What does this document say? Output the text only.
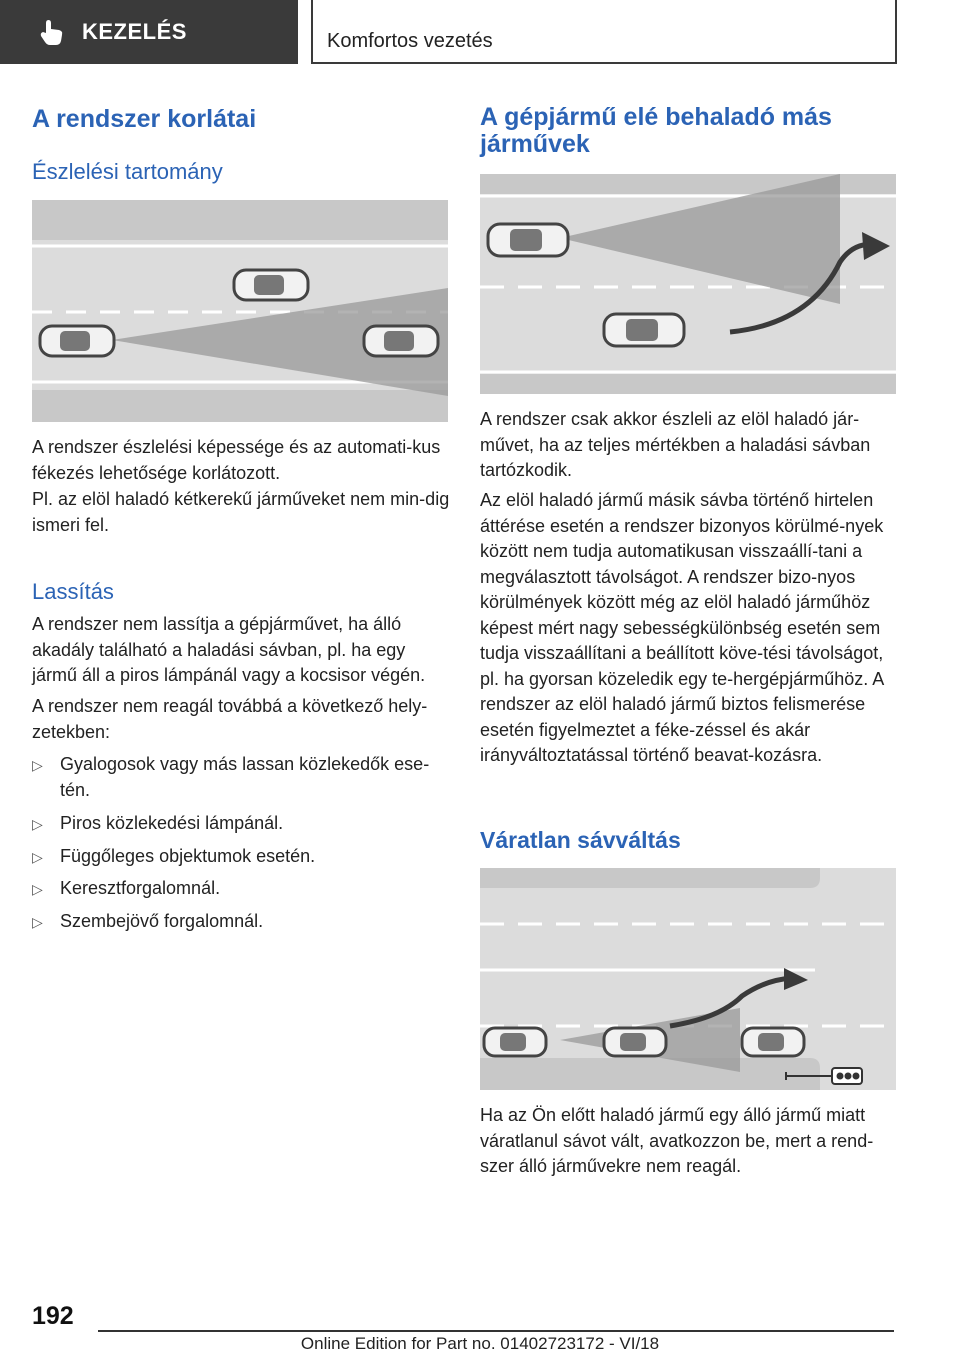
KEZELÉS	Komfortos vezetés
A rendszer korlátai
Észlelési tartomány

A rendszer észlelési képessége és az automati-kus fékezés lehetősége korlátozott.

Pl. az elöl haladó kétkerekű járműveket nem min-dig ismeri fel.

Lassítás

A rendszer nem lassítja a gépjárművet, ha álló akadály található a haladási sávban, pl. ha egy jármű áll a piros lámpánál vagy a kocsisor végén.

A rendszer nem reagál továbbá a következő hely-zetekben:

▷ Gyalogosok vagy más lassan közlekedők ese-tén.
▷ Piros közlekedési lámpánál.
▷ Függőleges objektumok esetén.
▷ Keresztforgalomnál.
▷ Szembejövő forgalomnál.
A gépjármű elé behaladó más járművek

A rendszer csak akkor észleli az elöl haladó jár-művet, ha az teljes mértékben a haladási sávban tartózkodik.

Az elöl haladó jármű másik sávba történő hirtelen áttérése esetén a rendszer bizonyos körülmé-nyek között nem tudja automatikusan visszaállí-tani a megválasztott távolságot. A rendszer bizo-nyos körülmények között még az elöl haladó járműhöz képest mért nagy sebességkülönbség esetén sem tudja visszaállítani a beállított köve-tési távolságot, pl. ha gyorsan közeledik egy te-hergépjárműhöz. A rendszer az elöl haladó jármű biztos felismerése esetén figyelmeztet a féke-zéssel és akár irányváltoztatással történő beavat-kozásra.

Váratlan sávváltás

Ha az Ön előtt haladó jármű egy álló jármű miatt váratlanul sávot vált, avatkozzon be, mert a rend-szer álló járművekre nem reagál.

192
Online Edition for Part no. 01402723172 - VI/18
